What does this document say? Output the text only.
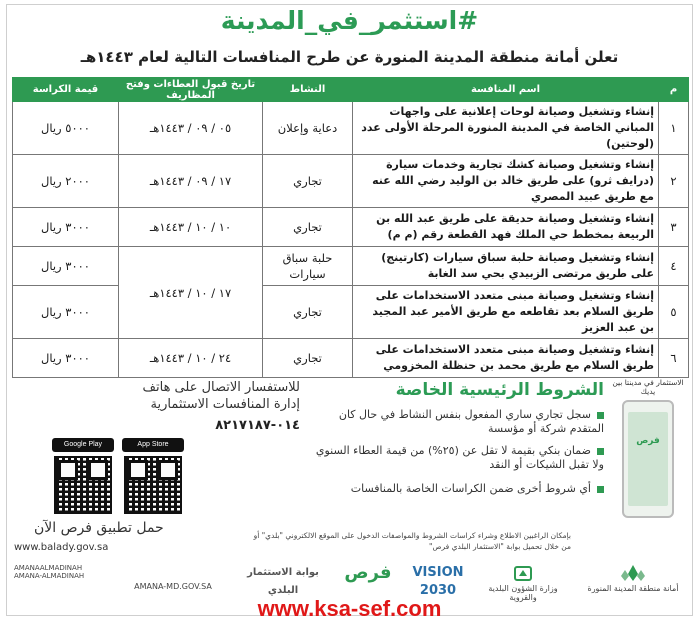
#استثمر_في_المدينة
تعلن أمانة منطقة المدينة المنورة عن طرح المنافسات التالية لعام ١٤٤٣هـ
م	اسم المنافسة	النشاط	تاريخ قبول العطاءات وفتح المظاريف	قيمة الكراسة
١	إنشاء وتشغيل وصيانة لوحات إعلانية على واجهات المباني الخاصة في المدينة المنورة المرحلة الأولى عدد (لوحتين)	دعاية وإعلان	٠٥ / ٠٩ / ١٤٤٣هـ	٥٠٠٠ ريال
٢	إنشاء وتشغيل وصيانة كشك تجارية وخدمات سيارة (درايف ثرو) على طريق خالد بن الوليد رضي الله عنه مع طريق عبيد المصري	تجاري	١٧ / ٠٩ / ١٤٤٣هـ	٢٠٠٠ ريال
٣	إنشاء وتشغيل وصيانة حديقة على طريق عبد الله بن الربيعة بمخطط حي الملك فهد القطعة رقم (م م)	تجاري	١٠ / ١٠ / ١٤٤٣هـ	٣٠٠٠ ريال
٤	إنشاء وتشغيل وصيانة حلبة سباق سيارات (كارتينج) على طريق مرتضى الزبيدي بحي سد الغابة	حلبة سباق سيارات	١٧ / ١٠ / ١٤٤٣هـ	٣٠٠٠ ريال
٥	إنشاء وتشغيل وصيانة مبنى متعدد الاستخدامات على طريق السلام بعد تقاطعه مع طريق الأمير عبد المجيد بن عبد العزيز	تجاري		٣٠٠٠ ريال
٦	إنشاء وتشغيل وصيانة مبنى متعدد الاستخدامات على طريق السلام مع طريق محمد بن حنظلة المخزومي	تجاري	٢٤ / ١٠ / ١٤٤٣هـ	٣٠٠٠ ريال
للاستفسار الاتصال على هاتف
إدارة المنافسات الاستثمارية
٠١٤-٨٢١٧١٨٧
App Store
Google Play
حمل تطبيق فرص الآن
الشروط الرئيسية الخاصة
سجل تجاري ساري المفعول بنفس النشاط في حال كان المتقدم شركة أو مؤسسة
ضمان بنكي بقيمة لا تقل عن (٢٥%) من قيمة العطاء السنوي ولا تقبل الشيكات أو النقد
أي شروط أخرى ضمن الكراسات الخاصة بالمنافسات
الاستثمار في مدينتا بين يديك
فرص
www.balady.gov.sa
بإمكان الراغبين الاطلاع وشراء كراسات الشروط والمواصفات الدخول على الموقع الالكتروني "بلدي" أو من خلال تحميل بوابة "الاستثمار البلدي فرص"
أمانة منطقة المدينة المنورة
وزارة الشؤون البلدية والقروية
VISION 2030
فرص
بوابة الاستثمار البلدي
AMANA-MD.GOV.SA
AMANAALMADINAH
AMANA-ALMADINAH
www.ksa-sef.com
